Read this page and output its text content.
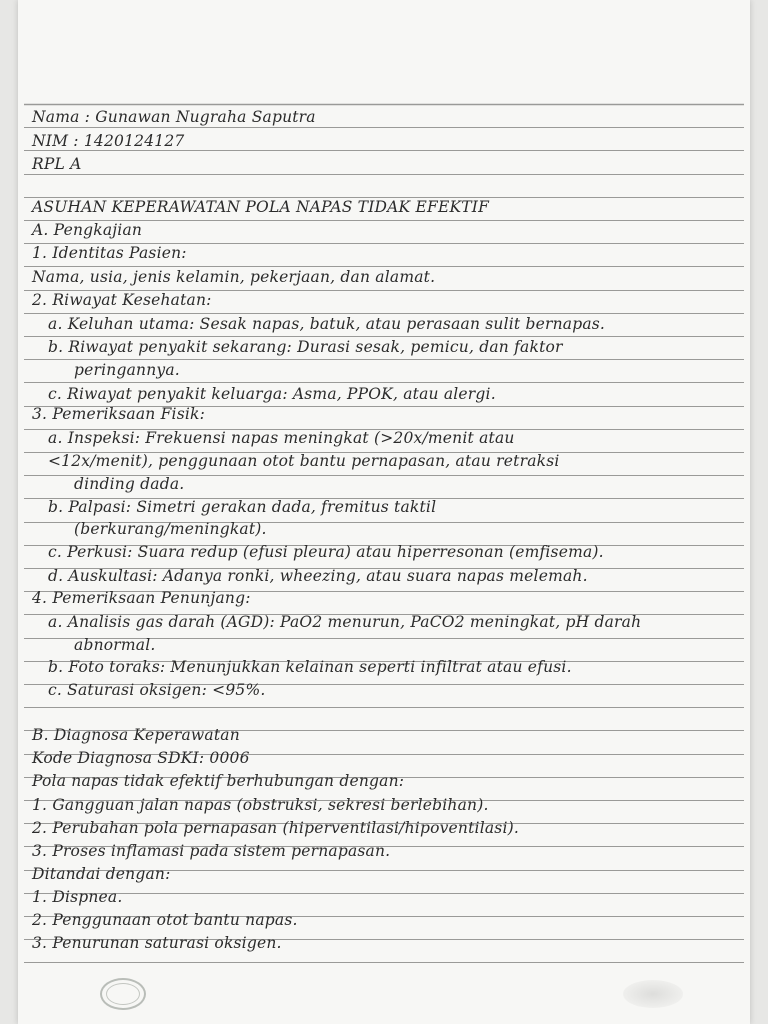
Nama : Gunawan Nugraha Saputra
NIM : 1420124127
RPL A
ASUHAN KEPERAWATAN POLA NAPAS TIDAK EFEKTIF
A. Pengkajian
1. Identitas Pasien:
Nama, usia, jenis kelamin, pekerjaan, dan alamat.
2. Riwayat Kesehatan:
a. Keluhan utama: Sesak napas, batuk, atau perasaan sulit bernapas.
b. Riwayat penyakit sekarang: Durasi sesak, pemicu, dan faktor
peringannya.
c. Riwayat penyakit keluarga: Asma, PPOK, atau alergi.
3. Pemeriksaan Fisik:
a. Inspeksi: Frekuensi napas meningkat (>20x/menit atau
<12x/menit), penggunaan otot bantu pernapasan, atau retraksi
dinding dada.
b. Palpasi: Simetri gerakan dada, fremitus taktil
(berkurang/meningkat).
c. Perkusi: Suara redup (efusi pleura) atau hiperresonan (emfisema).
d. Auskultasi: Adanya ronki, wheezing, atau suara napas melemah.
4. Pemeriksaan Penunjang:
a. Analisis gas darah (AGD): PaO2 menurun, PaCO2 meningkat, pH darah
abnormal.
b. Foto toraks: Menunjukkan kelainan seperti infiltrat atau efusi.
c. Saturasi oksigen: <95%.
B. Diagnosa Keperawatan
Kode Diagnosa SDKI: 0006
Pola napas tidak efektif berhubungan dengan:
1. Gangguan jalan napas (obstruksi, sekresi berlebihan).
2. Perubahan pola pernapasan (hiperventilasi/hipoventilasi).
3. Proses inflamasi pada sistem pernapasan.
Ditandai dengan:
1. Dispnea.
2. Penggunaan otot bantu napas.
3. Penurunan saturasi oksigen.
